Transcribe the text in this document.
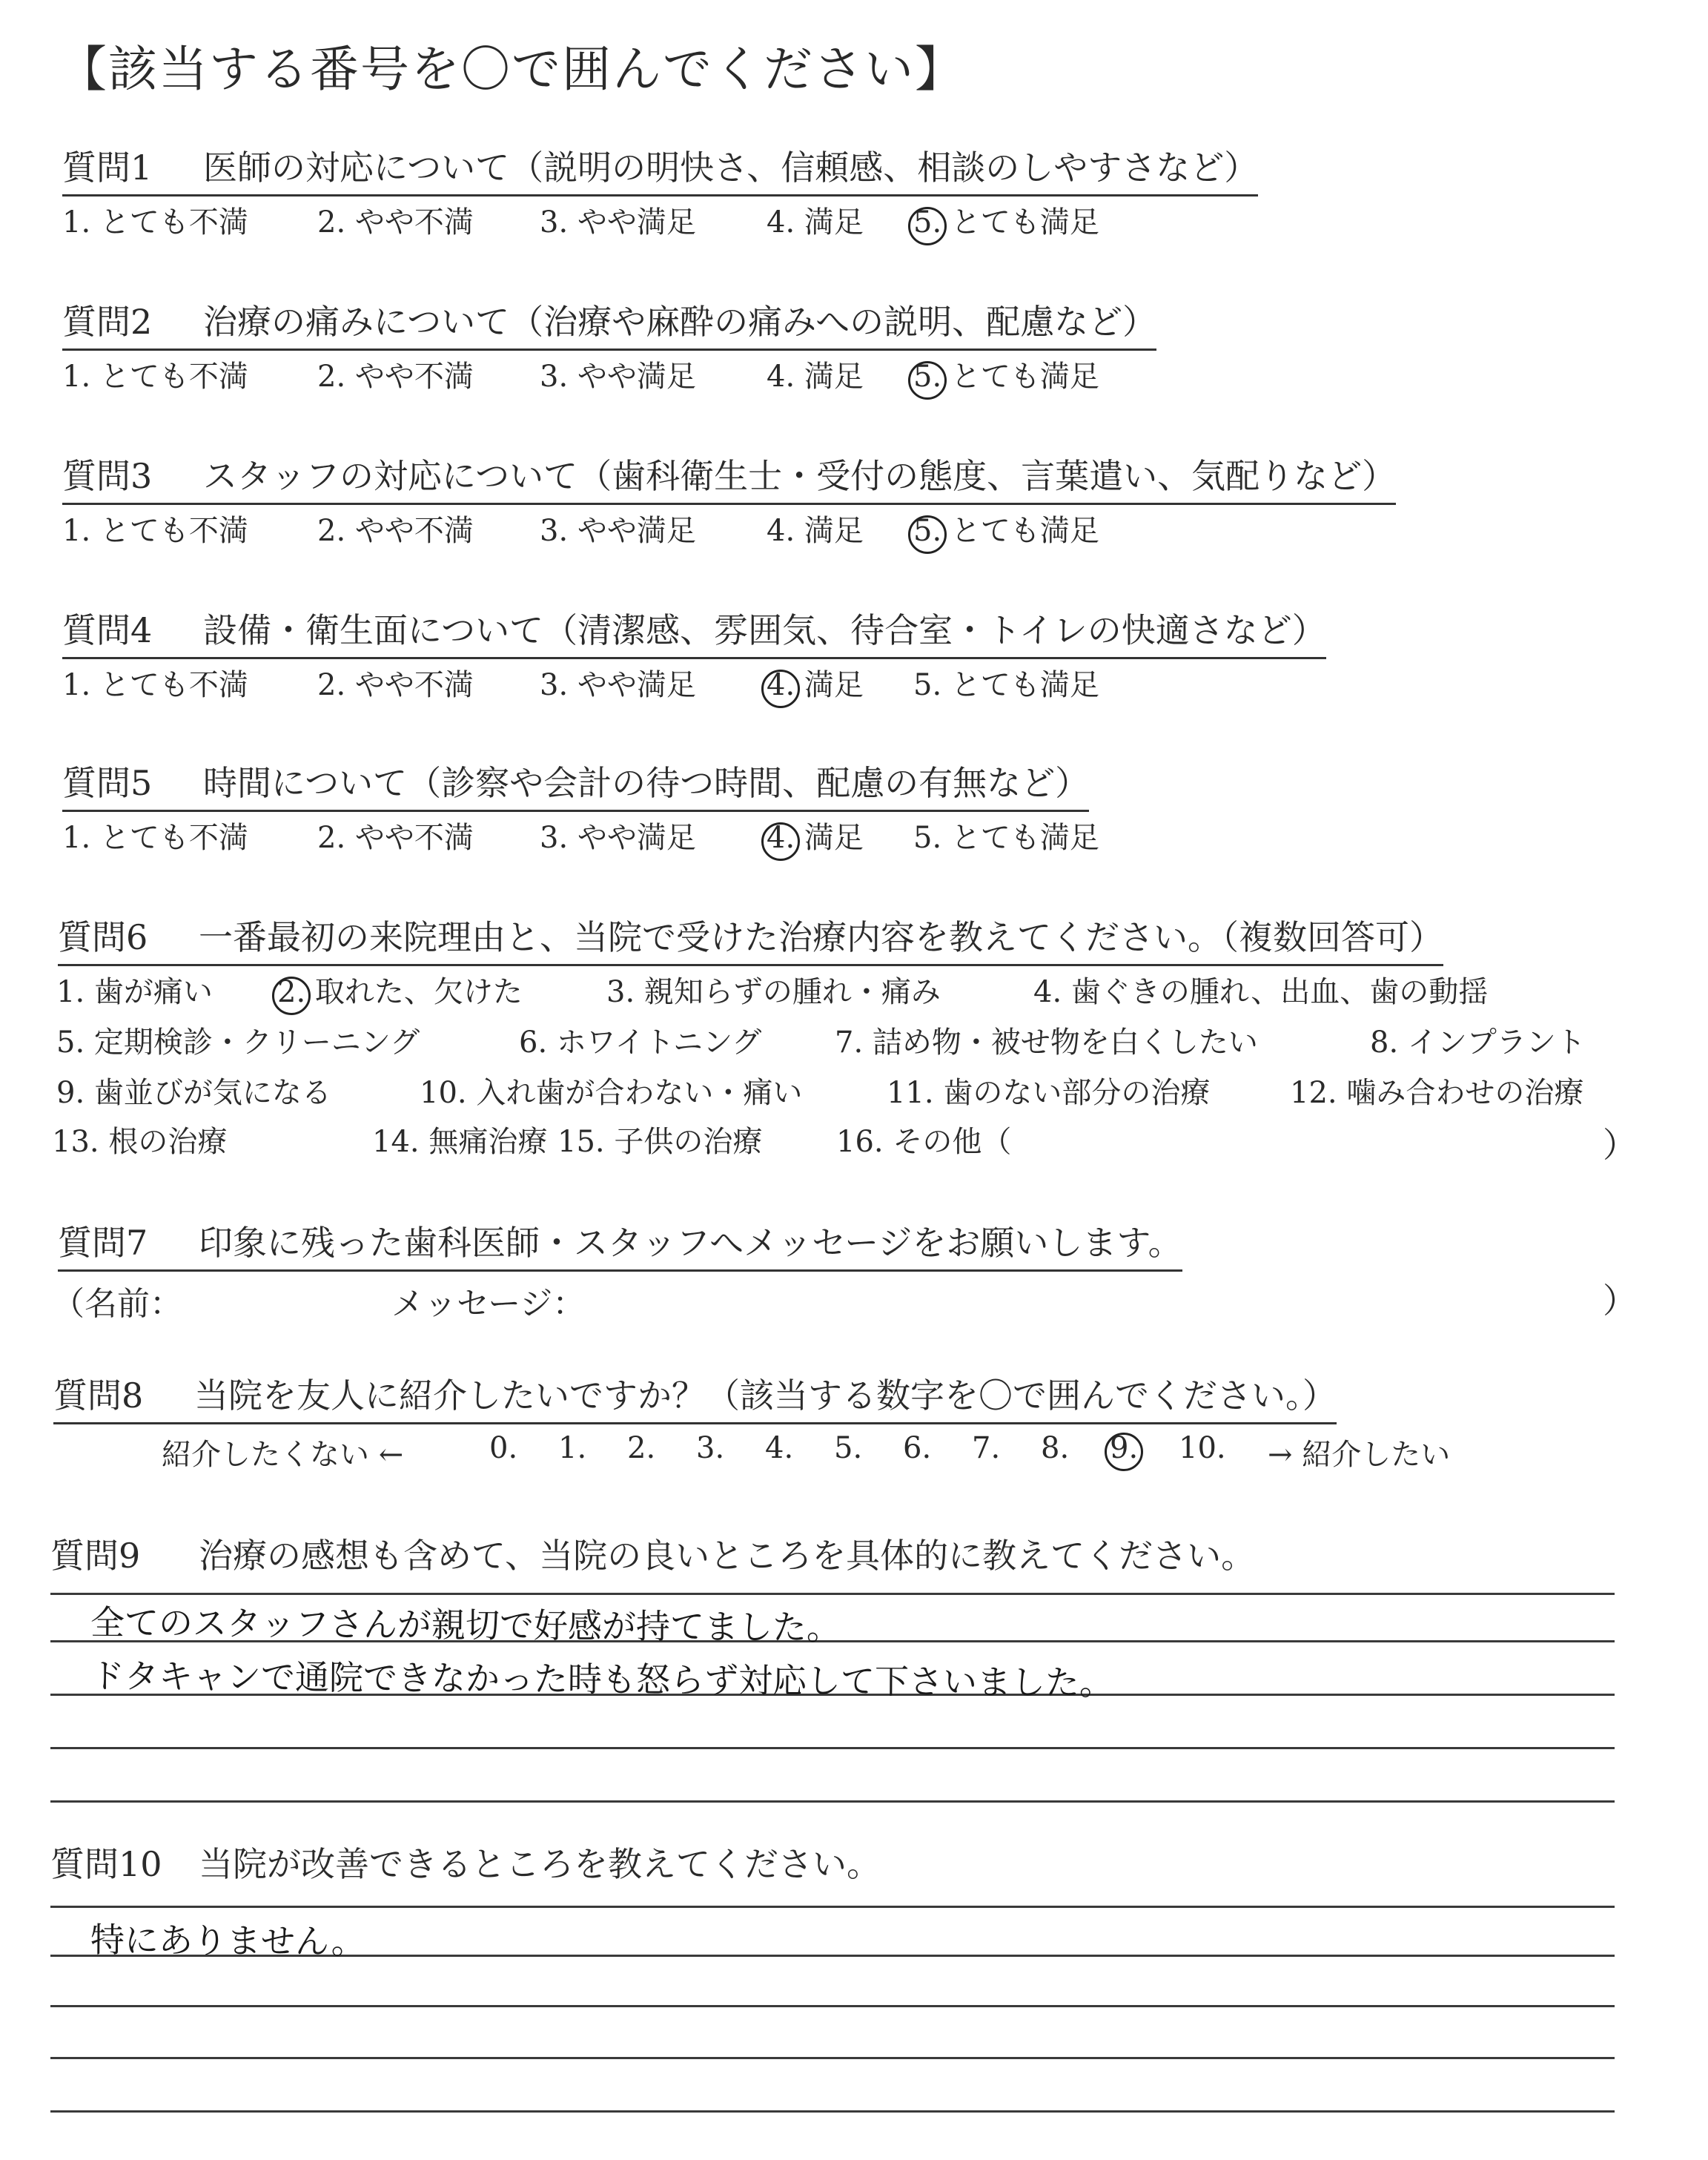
【該当する番号を〇で囲んでください】
質問1 医師の対応について（説明の明快さ、信頼感、相談のしやすさなど）
1. とても不満 2. やや不満 3. やや満足 4. 満足 5. とても満足
質問2 治療の痛みについて（治療や麻酔の痛みへの説明、配慮など）
1. とても不満 2. やや不満 3. やや満足 4. 満足 5. とても満足
質問3 スタッフの対応について（歯科衛生士・受付の態度、言葉遣い、気配りなど）
1. とても不満 2. やや不満 3. やや満足 4. 満足 5. とても満足
質問4 設備・衛生面について（清潔感、雰囲気、待合室・トイレの快適さなど）
1. とても不満 2. やや不満 3. やや満足 4. 満足 5. とても満足
質問5 時間について（診察や会計の待つ時間、配慮の有無など）
1. とても不満 2. やや不満 3. やや満足 4. 満足 5. とても満足
質問6 一番最初の来院理由と、当院で受けた治療内容を教えてください。（複数回答可）
1. 歯が痛い 2. 取れた、欠けた	3. 親知らずの腫れ・痛み	4. 歯ぐきの腫れ、出血、歯の動揺
5. 定期検診・クリーニング	6. ホワイトニング 7. 詰め物・被せ物を白くしたい	8. インプラント
9. 歯並びが気になる	10. 入れ歯が合わない・痛い	11. 歯のない部分の治療	12. 噛み合わせの治療
13. 根の治療	14. 無痛治療 15. 子供の治療 16. その他（	）
質問7 印象に残った歯科医師・スタッフへメッセージをお願いします。
（名前：	メッセージ：	）
質問8 当院を友人に紹介したいですか？（該当する数字を〇で囲んでください。）
紹介したくない ←	0. 1. 2. 3. 4. 5. 6. 7. 8. 9. 10. → 紹介したい
質問9 治療の感想も含めて、当院の良いところを具体的に教えてください。
全てのスタッフさんが親切で好感が持てました。
ドタキャンで通院できなかった時も怒らず対応して下さいました。
質問10 当院が改善できるところを教えてください。
特にありません。
